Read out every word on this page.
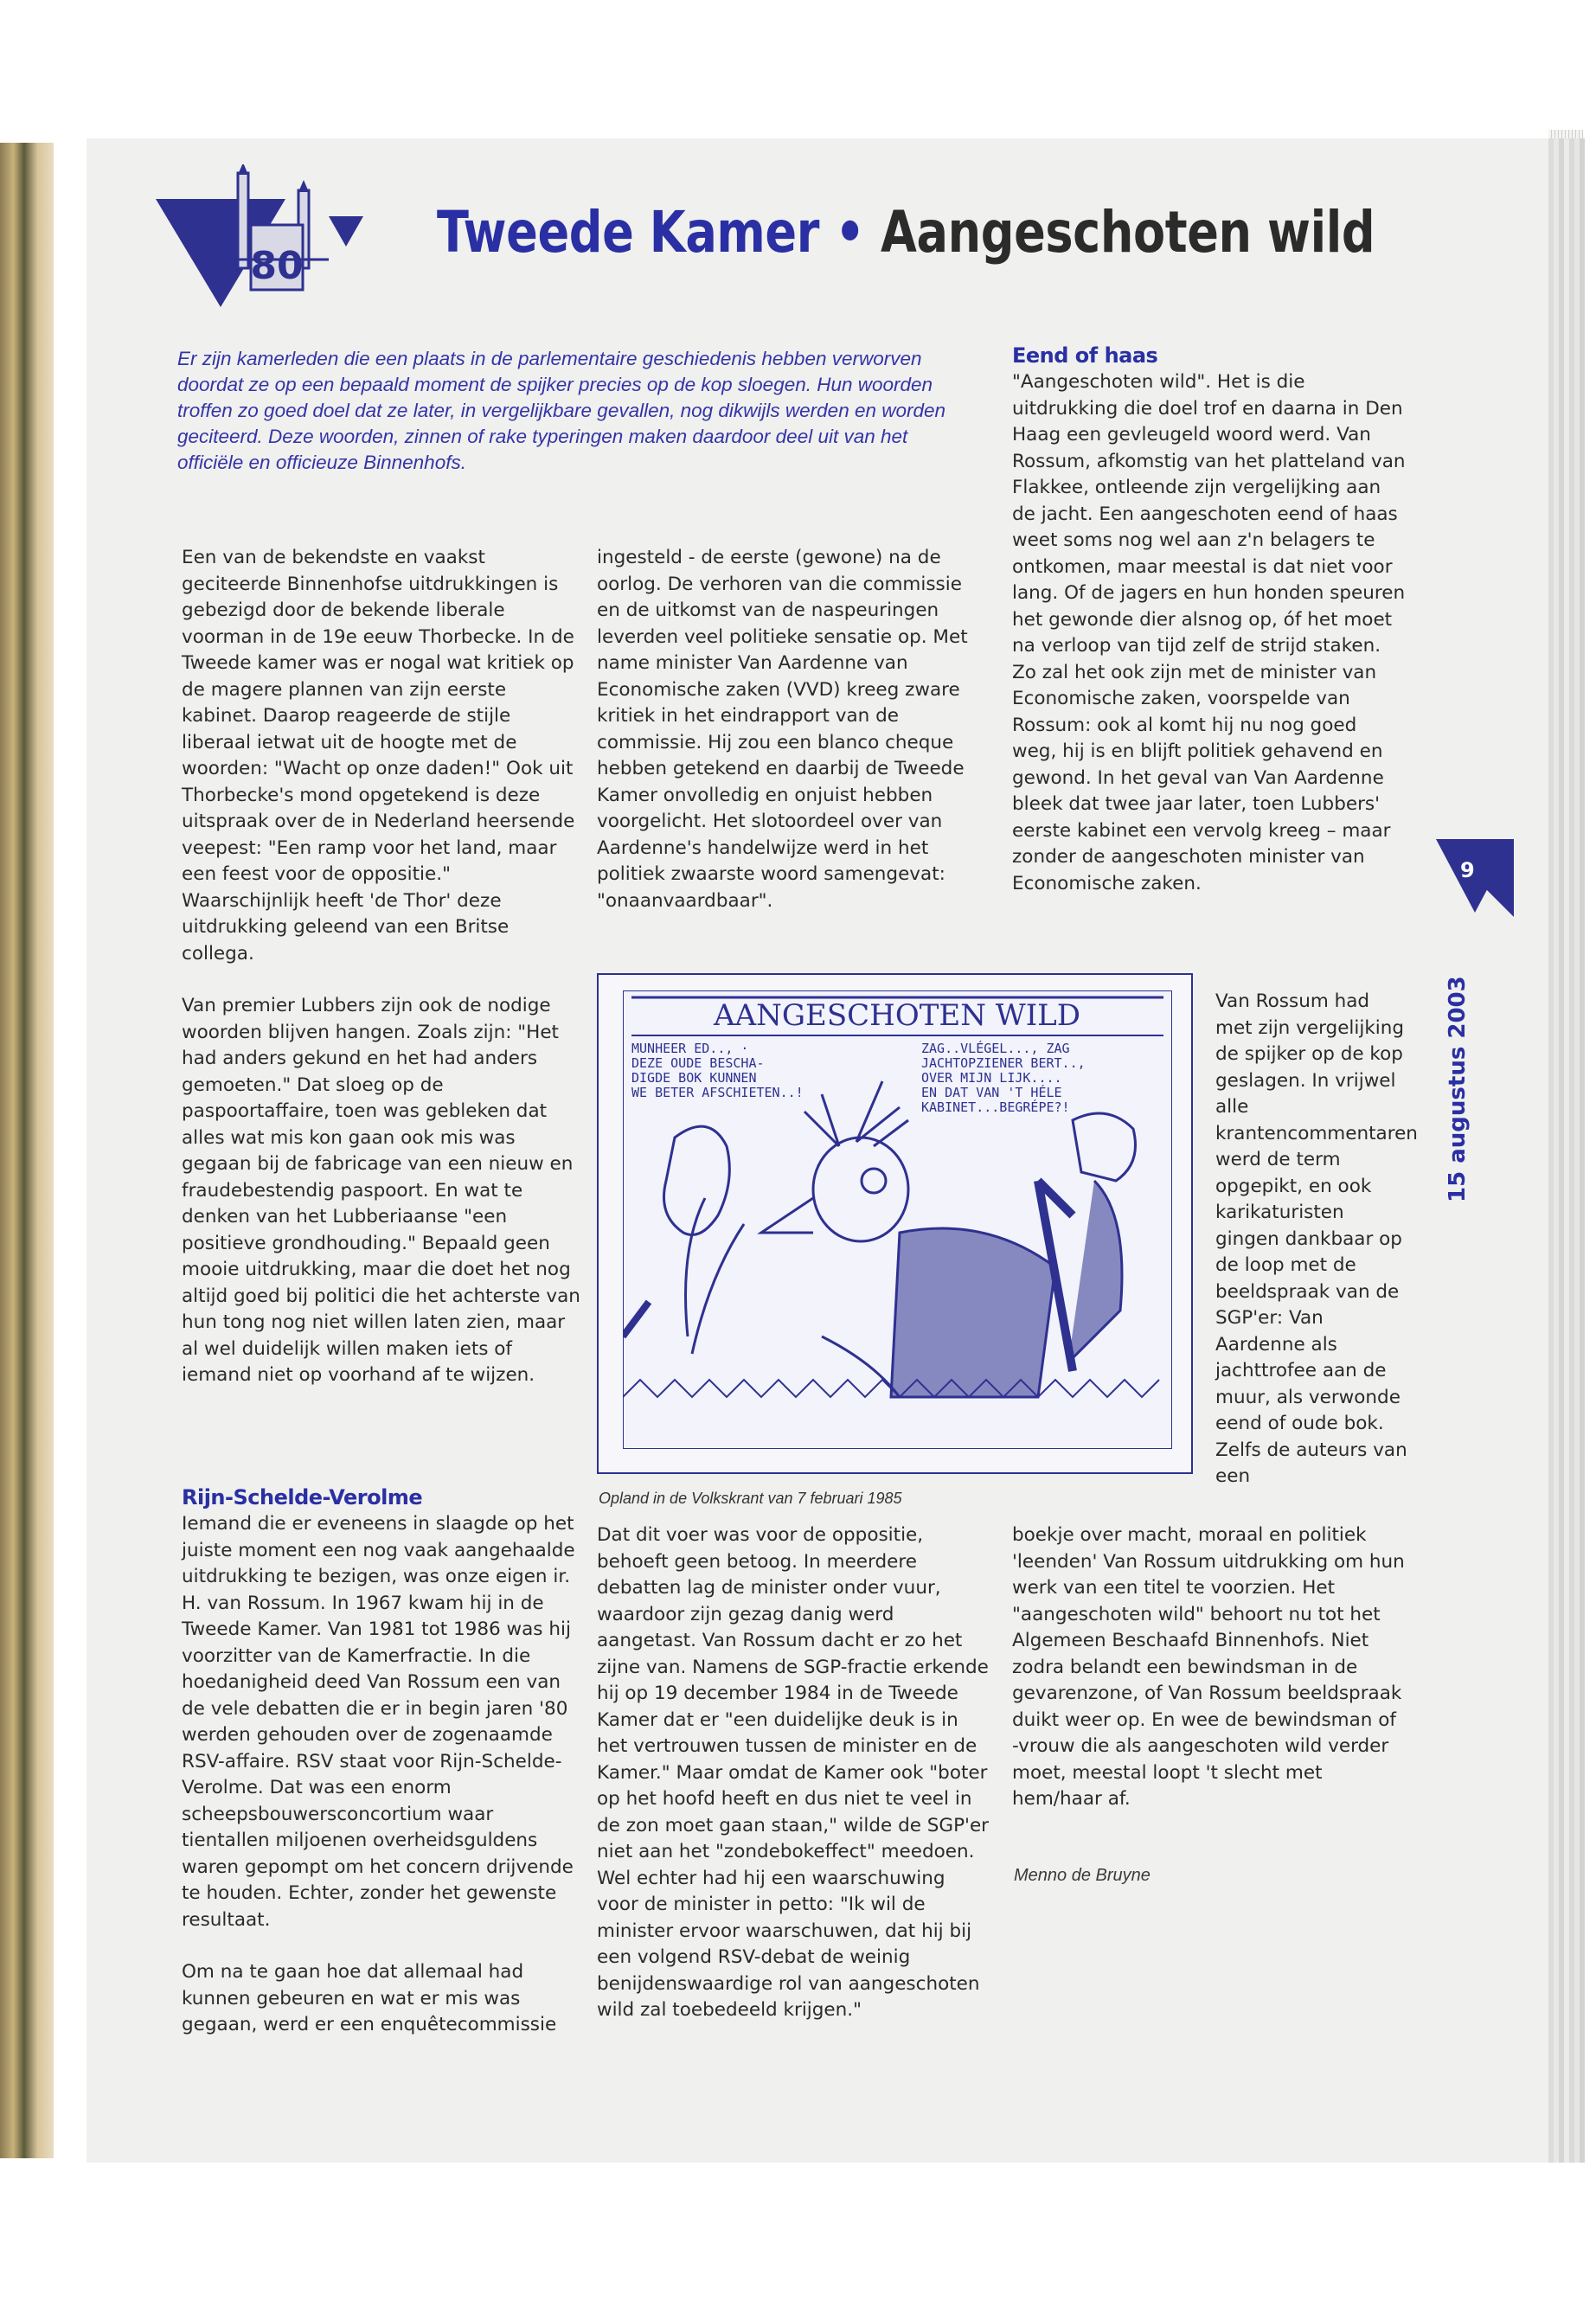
80
Tweede Kamer • Aangeschoten wild
Er zijn kamerleden die een plaats in de parlementaire geschiedenis hebben verworven doordat ze op een bepaald moment de spijker precies op de kop sloegen. Hun woorden troffen zo goed doel dat ze later, in vergelijkbare gevallen, nog dikwijls werden en worden geciteerd. Deze woorden, zinnen of rake typeringen maken daardoor deel uit van het officiële en officieuze Binnenhofs.

Een van de bekendste en vaakst geciteerde Binnenhofse uitdrukkingen is gebezigd door de bekende liberale voorman in de 19e eeuw Thorbecke. In de Tweede kamer was er nogal wat kritiek op de magere plannen van zijn eerste kabinet. Daarop reageerde de stijle liberaal ietwat uit de hoogte met de woorden: "Wacht op onze daden!" Ook uit Thorbecke's mond opgetekend is deze uitspraak over de in Nederland heersende veepest: "Een ramp voor het land, maar een feest voor de oppositie." Waarschijnlijk heeft 'de Thor' deze uitdrukking geleend van een Britse collega.

Van premier Lubbers zijn ook de nodige woorden blijven hangen. Zoals zijn: "Het had anders gekund en het had anders gemoeten." Dat sloeg op de paspoortaffaire, toen was gebleken dat alles wat mis kon gaan ook mis was gegaan bij de fabricage van een nieuw en fraudebestendig paspoort. En wat te denken van het Lubberiaanse "een positieve grondhouding." Bepaald geen mooie uitdrukking, maar die doet het nog altijd goed bij politici die het achterste van hun tong nog niet willen laten zien, maar al wel duidelijk willen maken iets of iemand niet op voorhand af te wijzen.

Rijn-Schelde-Verolme

Iemand die er eveneens in slaagde op het juiste moment een nog vaak aangehaalde uitdrukking te bezigen, was onze eigen ir. H. van Rossum. In 1967 kwam hij in de Tweede Kamer. Van 1981 tot 1986 was hij voorzitter van de Kamerfractie. In die hoedanigheid deed Van Rossum een van de vele debatten die er in begin jaren '80 werden gehouden over de zogenaamde RSV-affaire. RSV staat voor Rijn-Schelde-Verolme. Dat was een enorm scheepsbouwersconcortium waar tientallen miljoenen overheidsguldens waren gepompt om het concern drijvende te houden. Echter, zonder het gewenste resultaat.

Om na te gaan hoe dat allemaal had kunnen gebeuren en wat er mis was gegaan, werd er een enquêtecommissie

ingesteld - de eerste (gewone) na de oorlog. De verhoren van die commissie en de uitkomst van de naspeuringen leverden veel politieke sensatie op. Met name minister Van Aardenne van Economische zaken (VVD) kreeg zware kritiek in het eindrapport van de commissie. Hij zou een blanco cheque hebben getekend en daarbij de Tweede Kamer onvolledig en onjuist hebben voorgelicht. Het slotoordeel over van Aardenne's handelwijze werd in het politiek zwaarste woord samengevat: "onaanvaardbaar".

Dat dit voer was voor de oppositie, behoeft geen betoog. In meerdere debatten lag de minister onder vuur, waardoor zijn gezag danig werd aangetast. Van Rossum dacht er zo het zijne van. Namens de SGP-fractie erkende hij op 19 december 1984 in de Tweede Kamer dat er "een duidelijke deuk is in het vertrouwen tussen de minister en de Kamer." Maar omdat de Kamer ook "boter op het hoofd heeft en dus niet te veel in de zon moet gaan staan," wilde de SGP'er niet aan het "zondebokeffect" meedoen. Wel echter had hij een waarschuwing voor de minister in petto: "Ik wil de minister ervoor waarschuwen, dat hij bij een volgend RSV-debat de weinig benijdenswaardige rol van aangeschoten wild zal toebedeeld krijgen."

Eend of haas

"Aangeschoten wild". Het is die uitdrukking die doel trof en daarna in Den Haag een gevleugeld woord werd. Van Rossum, afkomstig van het platteland van Flakkee, ontleende zijn vergelijking aan de jacht. Een aangeschoten eend of haas weet soms nog wel aan z'n belagers te ontkomen, maar meestal is dat niet voor lang. Of de jagers en hun honden speuren het gewonde dier alsnog op, óf het moet na verloop van tijd zelf de strijd staken. Zo zal het ook zijn met de minister van Economische zaken, voorspelde van Rossum: ook al komt hij nu nog goed weg, hij is en blijft politiek gehavend en gewond. In het geval van Van Aardenne bleek dat twee jaar later, toen Lubbers' eerste kabinet een vervolg kreeg – maar zonder de aangeschoten minister van Economische zaken.

Van Rossum had met zijn vergelijking de spijker op de kop geslagen. In vrijwel alle krantencommentaren werd de term opgepikt, en ook karikaturisten gingen dankbaar op de loop met de beeldspraak van de SGP'er: Van Aardenne als jachttrofee aan de muur, als verwonde eend of oude bok. Zelfs de auteurs van een

boekje over macht, moraal en politiek 'leenden' Van Rossum uitdrukking om hun werk van een titel te voorzien. Het "aangeschoten wild" behoort nu tot het Algemeen Beschaafd Binnenhofs. Niet zodra belandt een bewindsman in de gevarenzone, of Van Rossum beeldspraak duikt weer op. En wee de bewindsman of -vrouw die als aangeschoten wild verder moet, meestal loopt 't slecht met hem/haar af.

Menno de Bruyne
AANGESCHOTEN WILD
MUNHEER ED.., ·
DEZE OUDE BESCHA-
DIGDE BOK KUNNEN
WE BETER AFSCHIETEN..!
ZAG..VLÉGEL..., ZAG
JACHTOPZIENER BERT..,
OVER MIJN LIJK....
EN DAT VAN 'T HÉLE
KABINET...BEGRÉPE?!
Opland in de Volkskrant van 7 februari 1985
9
15 augustus 2003
